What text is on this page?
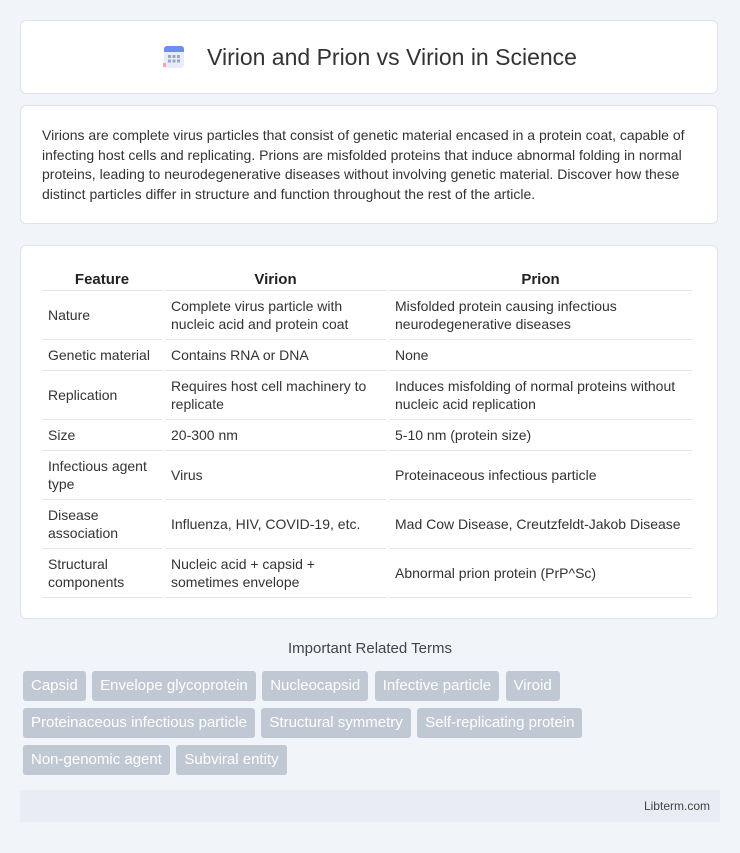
Virion and Prion vs Virion in Science

Virions are complete virus particles that consist of genetic material encased in a protein coat, capable of infecting host cells and replicating. Prions are misfolded proteins that induce abnormal folding in normal proteins, leading to neurodegenerative diseases without involving genetic material. Discover how these distinct particles differ in structure and function throughout the rest of the article.

Feature	Virion	Prion
Nature	Complete virus particle with nucleic acid and protein coat	Misfolded protein causing infectious neurodegenerative diseases
Genetic material	Contains RNA or DNA	None
Replication	Requires host cell machinery to replicate	Induces misfolding of normal proteins without nucleic acid replication
Size	20-300 nm	5-10 nm (protein size)
Infectious agent type	Virus	Proteinaceous infectious particle
Disease association	Influenza, HIV, COVID-19, etc.	Mad Cow Disease, Creutzfeldt-Jakob Disease
Structural components	Nucleic acid + capsid + sometimes envelope	Abnormal prion protein (PrP^Sc)
Important Related Terms
Capsid Envelope glycoprotein Nucleocapsid Infective particle Viroid
Proteinaceous infectious particle Structural symmetry Self-replicating protein
Non-genomic agent Subviral entity
Libterm.com
